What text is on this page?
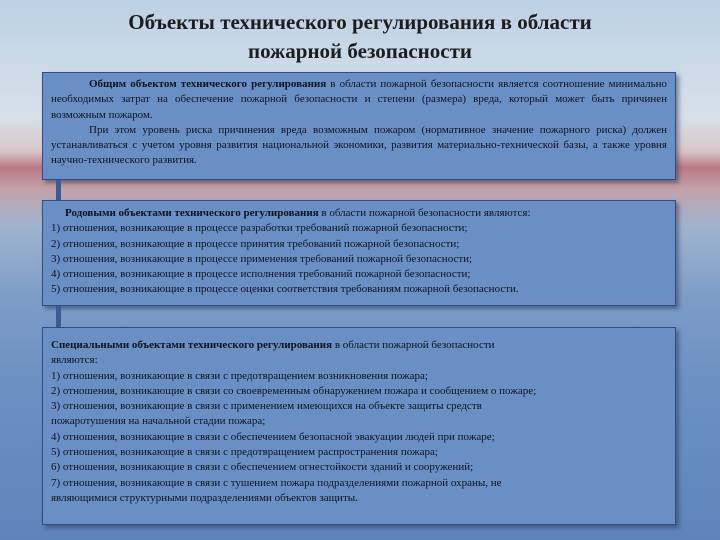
Объекты технического регулирования в области
пожарной безопасности

Общим объектом технического регулирования в области пожарной безопасности является соотношение минимально необходимых затрат на обеспечение пожарной безопасности и степени (размера) вреда, который может быть причинен возможным пожаром.

При этом уровень риска причинения вреда возможным пожаром (нормативное значение пожарного риска) должен устанавливаться с учетом уровня развития национальной экономики, развития материально-технической базы, а также уровня научно-технического развития.

Родовыми объектами технического регулирования в области пожарной безопасности являются:

1) отношения, возникающие в процессе разработки требований пожарной безопасности;

2) отношения, возникающие в процессе принятия требований пожарной безопасности;

3) отношения, возникающие в процессе применения требований пожарной безопасности;

4) отношения, возникающие в процессе исполнения требований пожарной безопасности;

5) отношения, возникающие в процессе оценки соответствия требованиям пожарной безопасности.

Специальными объектами технического регулирования в области пожарной безопасности

являются:

1) отношения, возникающие в связи с предотвращением возникновения пожара;

2) отношения, возникающие в связи со своевременным обнаружением пожара и сообщением о пожаре;

3) отношения, возникающие в связи с применением имеющихся на объекте защиты средств

пожаротушения на начальной стадии пожара;

4) отношения, возникающие в связи с обеспечением безопасной эвакуации людей при пожаре;

5) отношения, возникающие в связи с предотвращением распространения пожара;

6) отношения, возникающие в связи с обеспечением огнестойкости зданий и сооружений;

7) отношения, возникающие в связи с тушением пожара подразделениями пожарной охраны, не

являющимися структурными подразделениями объектов защиты.
